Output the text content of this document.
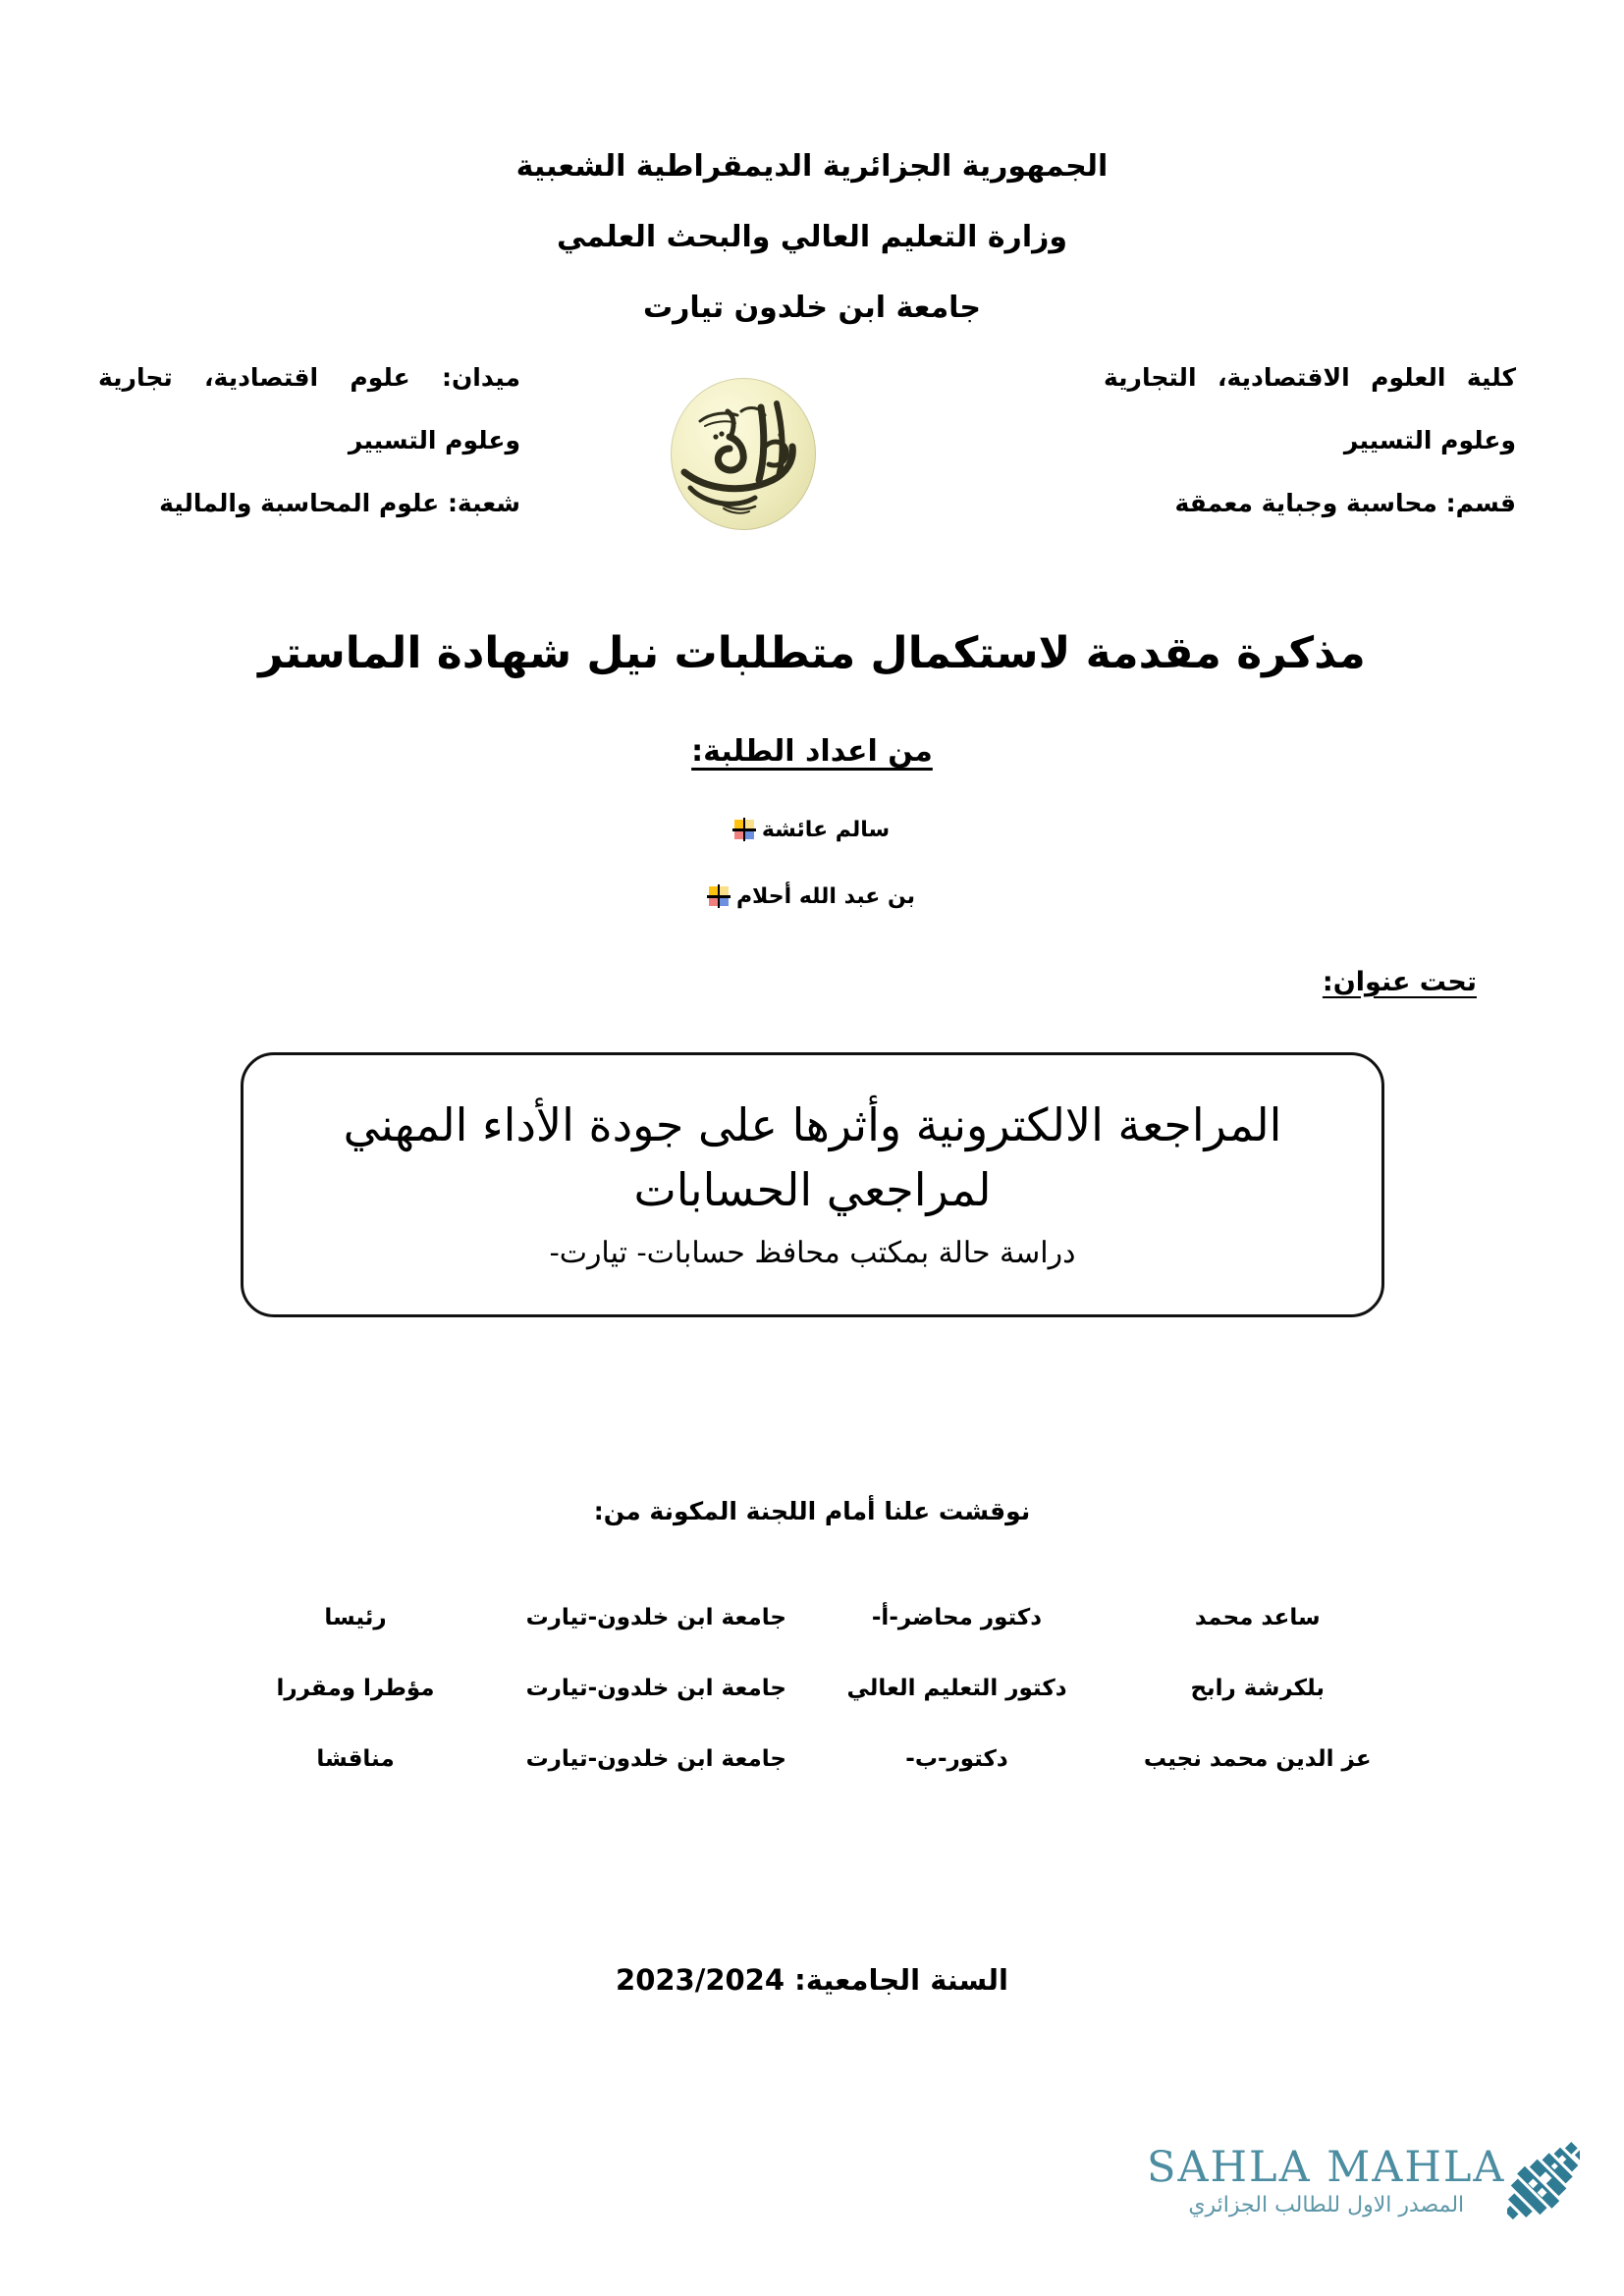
الجمهورية الجزائرية الديمقراطية الشعبية
وزارة التعليم العالي والبحث العلمي
جامعة ابن خلدون تيارت
كلية العلوم الاقتصادية، التجارية
ميدان: علوم اقتصادية، تجارية
وعلوم التسيير
وعلوم التسيير
قسم: محاسبة وجباية معمقة
شعبة: علوم المحاسبة والمالية
مذكرة مقدمة لاستكمال متطلبات نيل شهادة الماستر
من اعداد الطلبة:
سالم عائشة
بن عبد الله أحلام
تحت عنوان:
المراجعة الالكترونية وأثرها على جودة الأداء المهني
لمراجعي الحسابات
دراسة حالة بمكتب محافظ حسابات- تيارت-
نوقشت علنا أمام اللجنة المكونة من:
ساعد محمد	دكتور محاضر-أ-	جامعة ابن خلدون-تيارت	رئيسا
بلكرشة رابح	دكتور التعليم العالي	جامعة ابن خلدون-تيارت	مؤطرا ومقررا
عز الدين محمد نجيب	دكتور-ب-	جامعة ابن خلدون-تيارت	مناقشا
السنة الجامعية: 2023/2024
SAHLA MAHLA
المصدر الاول للطالب الجزائري
